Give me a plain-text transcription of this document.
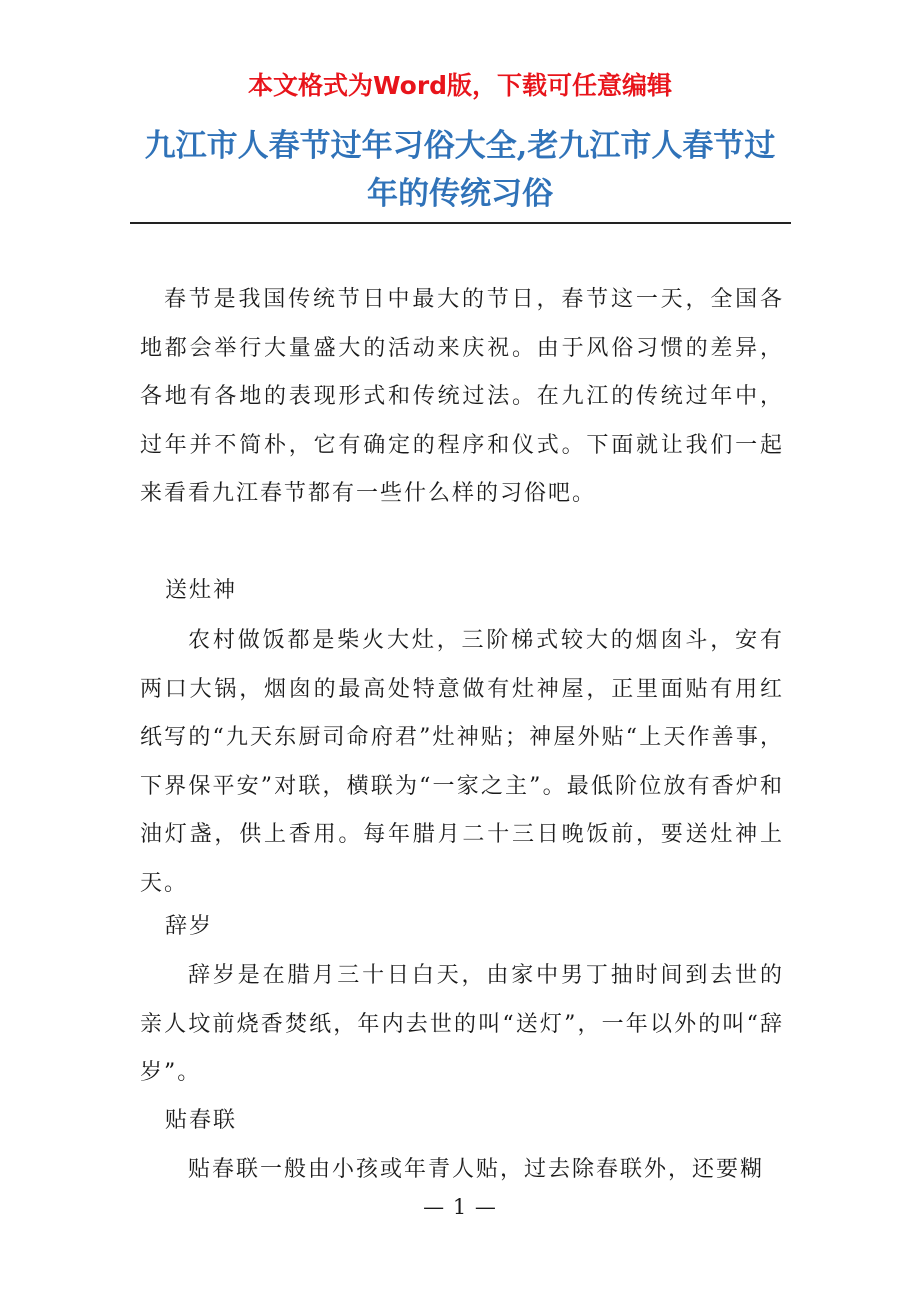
本文格式为Word版，下载可任意编辑
九江市人春节过年习俗大全,老九江市人春节过年的传统习俗

春节是我国传统节日中最大的节日，春节这一天，全国各地都会举行大量盛大的活动来庆祝。由于风俗习惯的差异，各地有各地的表现形式和传统过法。在九江的传统过年中，过年并不简朴，它有确定的程序和仪式。下面就让我们一起来看看九江春节都有一些什么样的习俗吧。

送灶神

农村做饭都是柴火大灶，三阶梯式较大的烟囱斗，安有两口大锅，烟囱的最高处特意做有灶神屋，正里面贴有用红纸写的“九天东厨司命府君”灶神贴；神屋外贴“上天作善事，下界保平安”对联，横联为“一家之主”。最低阶位放有香炉和油灯盏，供上香用。每年腊月二十三日晚饭前，要送灶神上天。

辞岁

辞岁是在腊月三十日白天，由家中男丁抽时间到去世的亲人坟前烧香焚纸，年内去世的叫“送灯”，一年以外的叫“辞岁”。

贴春联

贴春联一般由小孩或年青人贴，过去除春联外，还要糊

— 1 —
